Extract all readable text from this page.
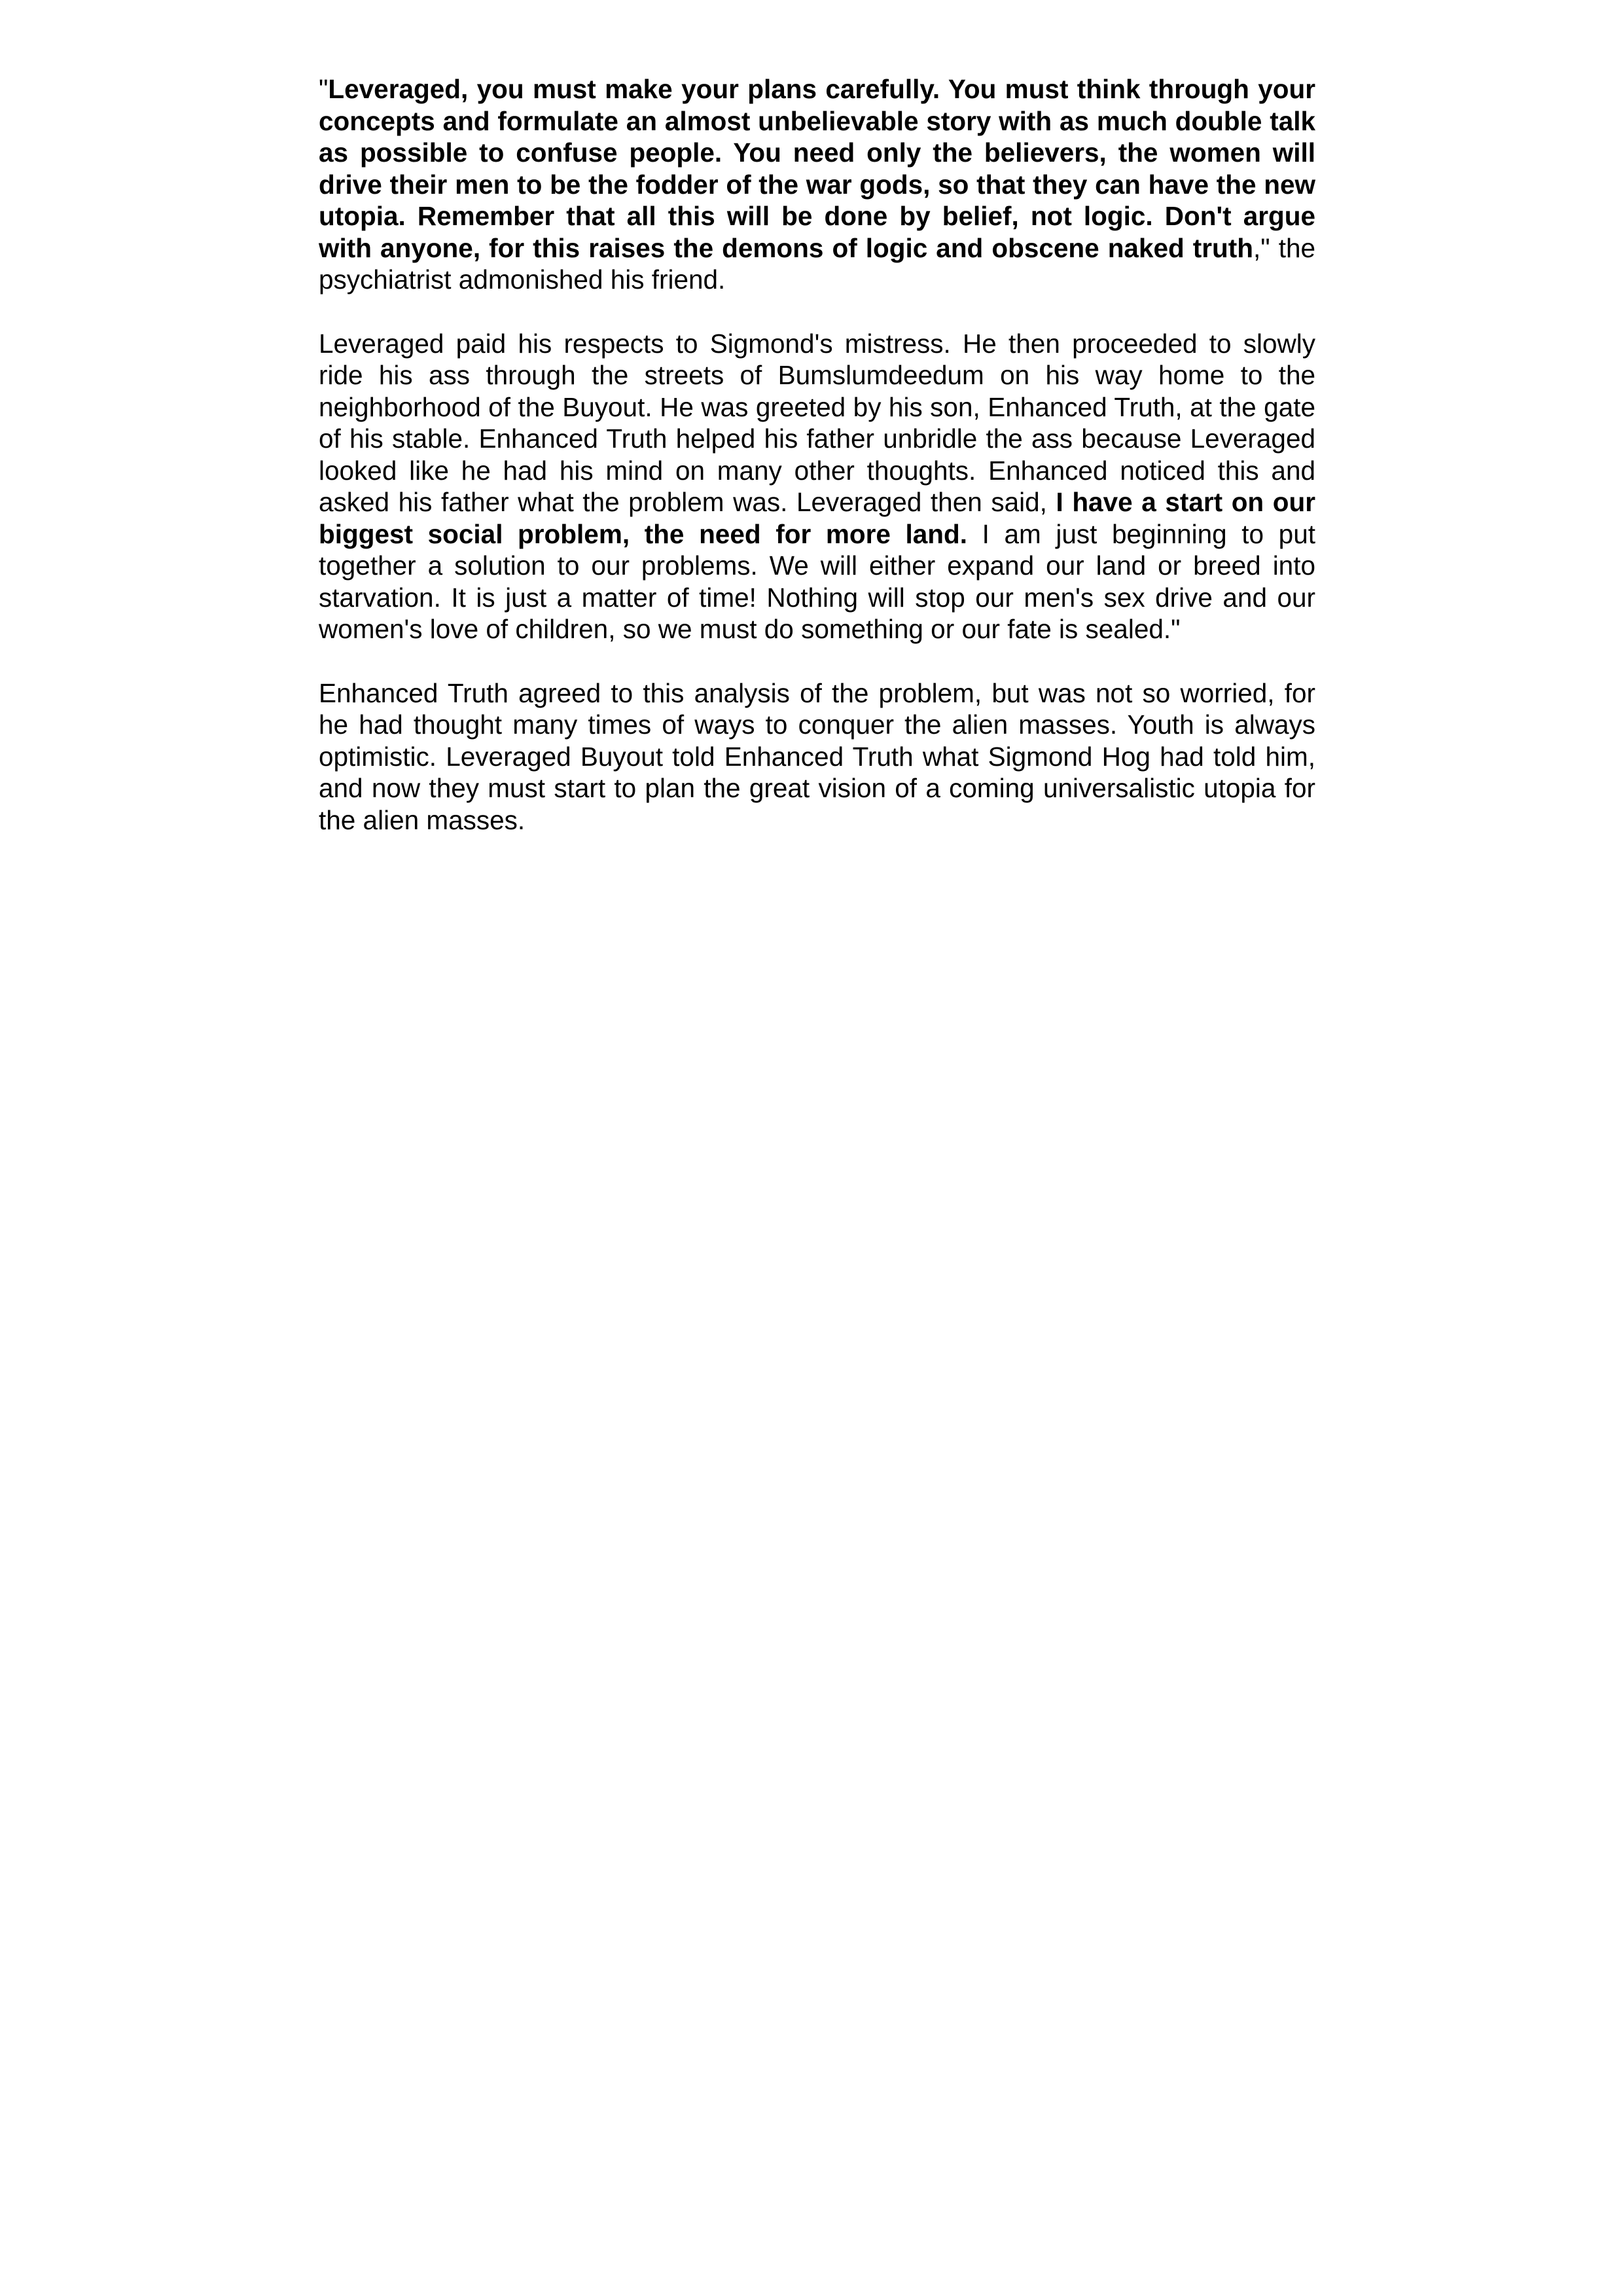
"Leveraged, you must make your plans carefully. You must think through your concepts and formulate an almost unbelievable story with as much double talk as possible to confuse people. You need only the believers, the women will drive their men to be the fodder of the war gods, so that they can have the new utopia. Remember that all this will be done by belief, not logic. Don't argue with anyone, for this raises the demons of logic and obscene naked truth," the psychiatrist admonished his friend.

Leveraged paid his respects to Sigmond's mistress. He then proceeded to slowly ride his ass through the streets of Bumslumdeedum on his way home to the neighborhood of the Buyout. He was greeted by his son, Enhanced Truth, at the gate of his stable. Enhanced Truth helped his father unbridle the ass because Leveraged looked like he had his mind on many other thoughts. Enhanced noticed this and asked his father what the problem was. Leveraged then said, I have a start on our biggest social problem, the need for more land. I am just beginning to put together a solution to our problems. We will either expand our land or breed into starvation. It is just a matter of time! Nothing will stop our men's sex drive and our women's love of children, so we must do something or our fate is sealed."

Enhanced Truth agreed to this analysis of the problem, but was not so worried, for he had thought many times of ways to conquer the alien masses. Youth is always optimistic. Leveraged Buyout told Enhanced Truth what Sigmond Hog had told him, and now they must start to plan the great vision of a coming universalistic utopia for the alien masses.
